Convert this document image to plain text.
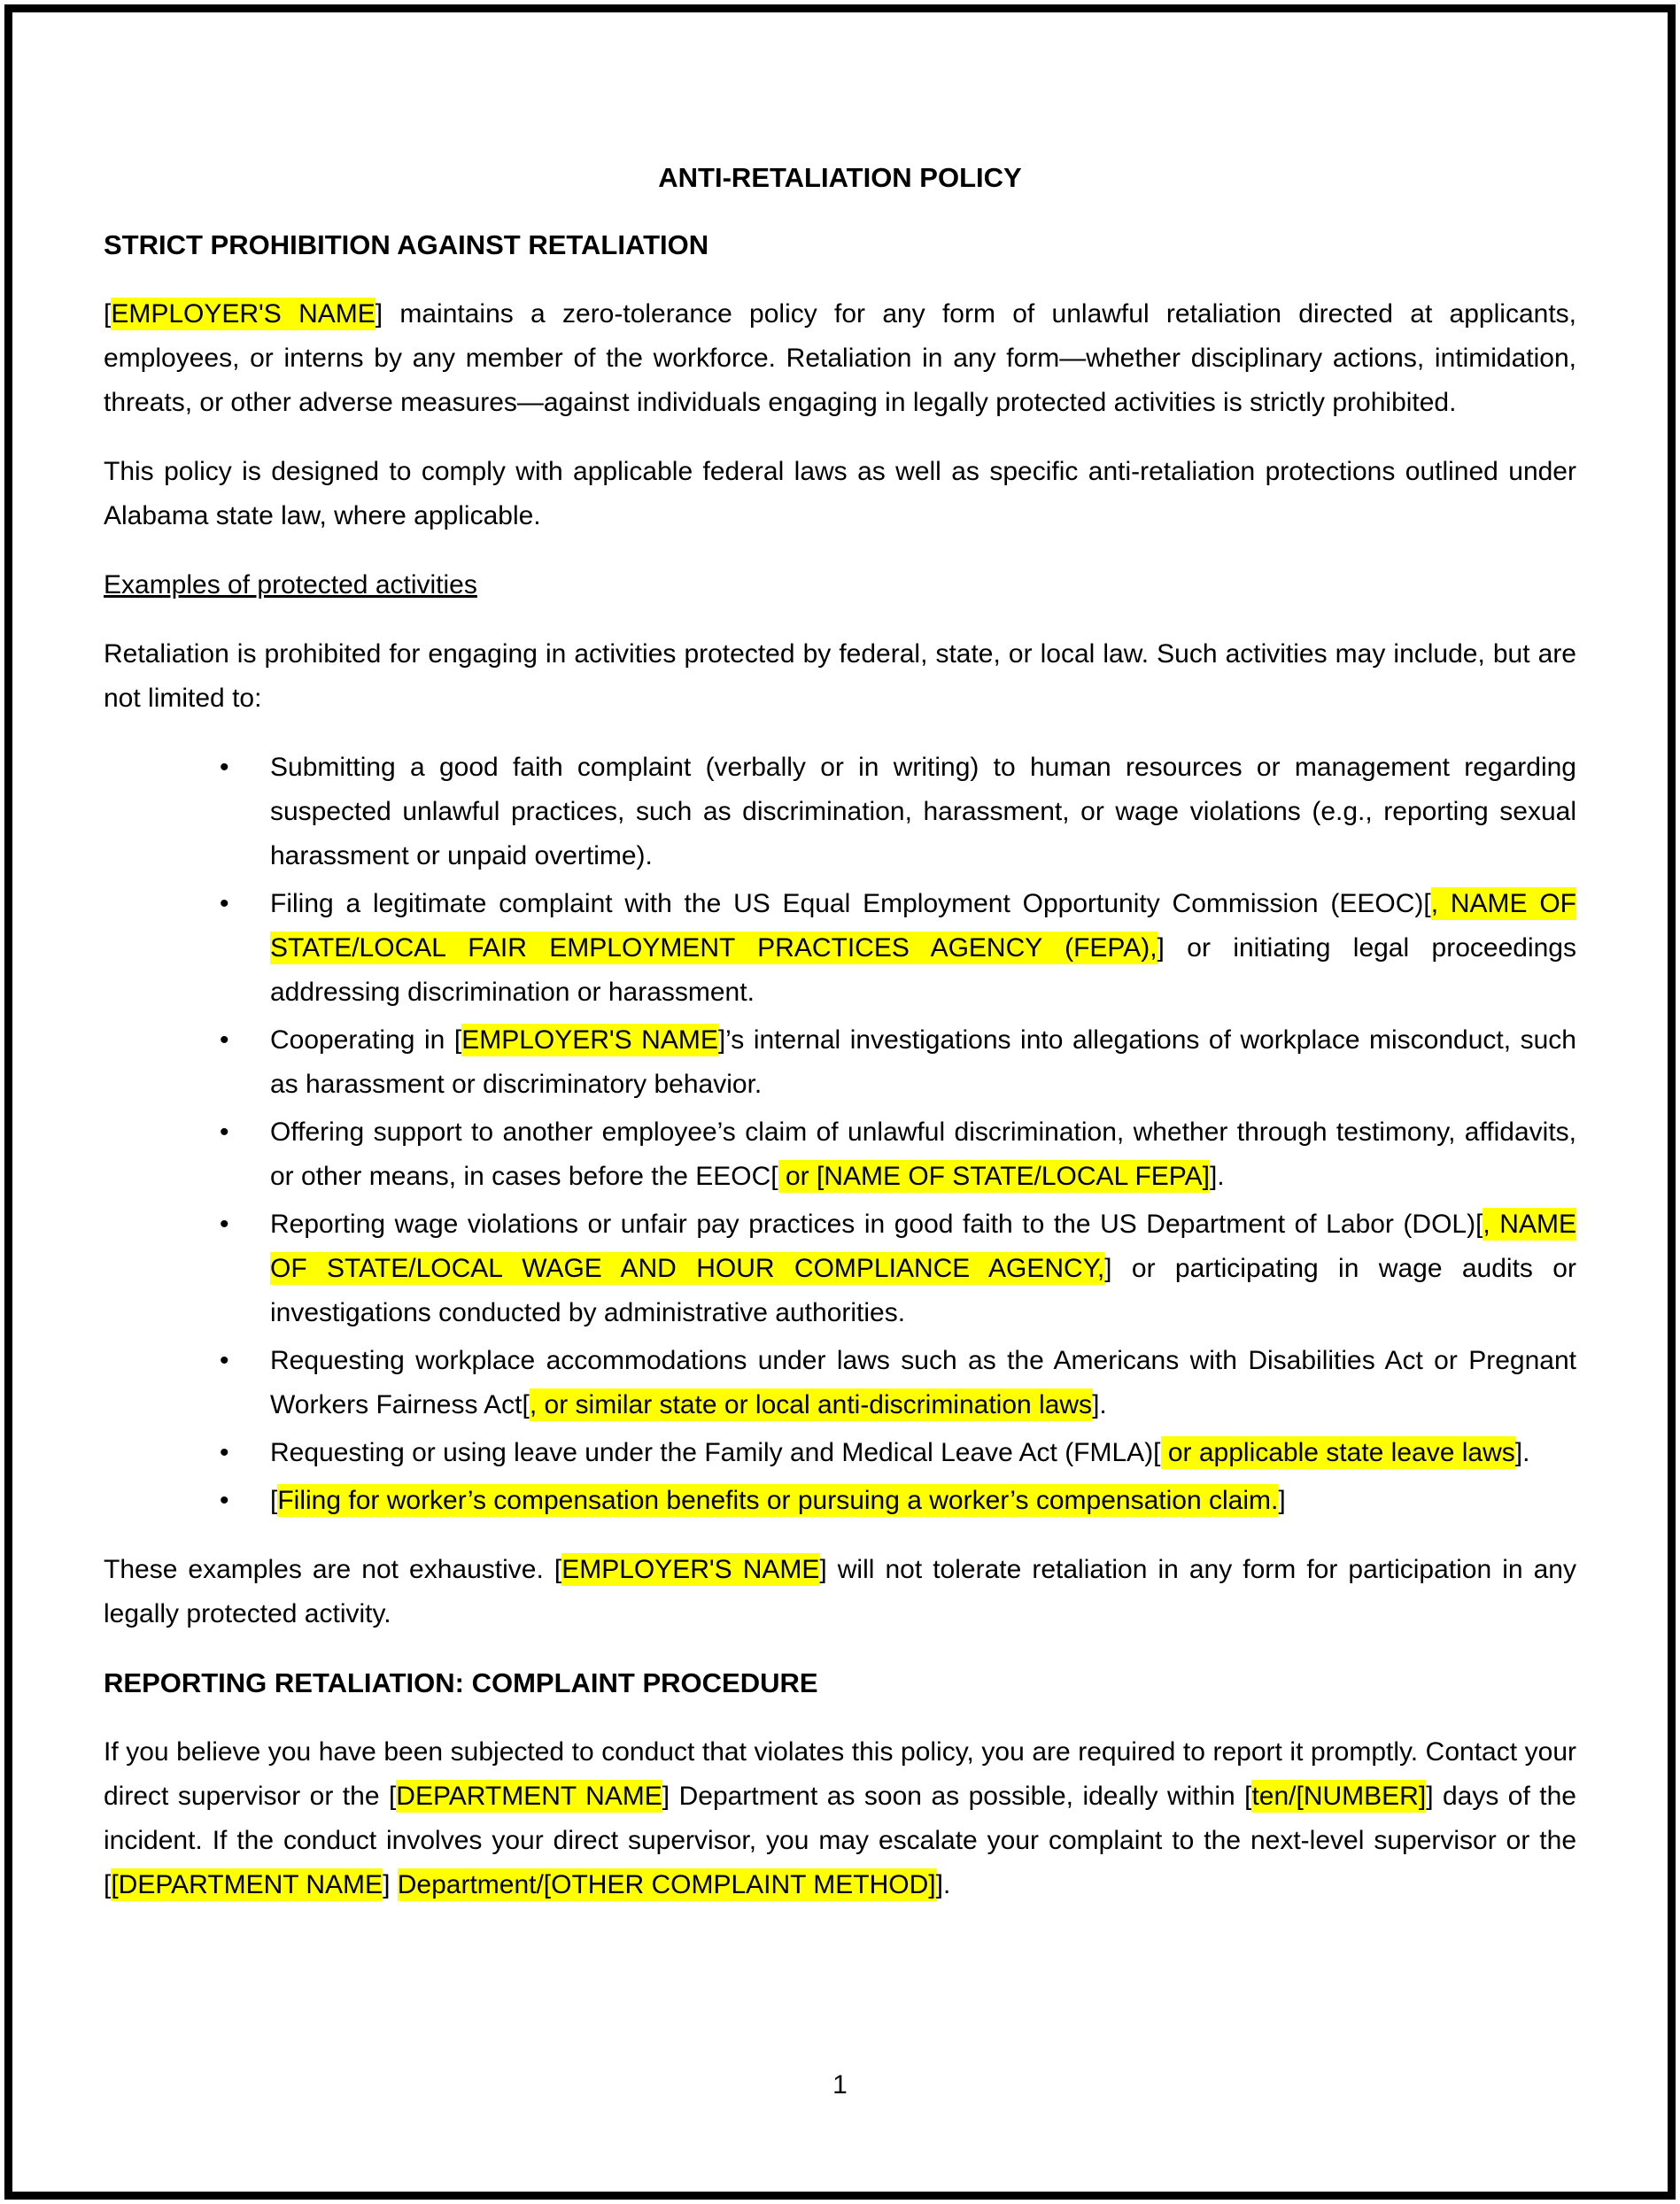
ANTI-RETALIATION POLICY

STRICT PROHIBITION AGAINST RETALIATION

[EMPLOYER'S NAME] maintains a zero-tolerance policy for any form of unlawful retaliation directed at applicants, employees, or interns by any member of the workforce. Retaliation in any form—whether disciplinary actions, intimidation, threats, or other adverse measures—against individuals engaging in legally protected activities is strictly prohibited.

This policy is designed to comply with applicable federal laws as well as specific anti-retaliation protections outlined under Alabama state law, where applicable.

Examples of protected activities

Retaliation is prohibited for engaging in activities protected by federal, state, or local law. Such activities may include, but are not limited to:

• Submitting a good faith complaint (verbally or in writing) to human resources or management regarding suspected unlawful practices, such as discrimination, harassment, or wage violations (e.g., reporting sexual harassment or unpaid overtime).
• Filing a legitimate complaint with the US Equal Employment Opportunity Commission (EEOC)[, NAME OF STATE/LOCAL FAIR EMPLOYMENT PRACTICES AGENCY (FEPA),] or initiating legal proceedings addressing discrimination or harassment.
• Cooperating in [EMPLOYER'S NAME]’s internal investigations into allegations of workplace misconduct, such as harassment or discriminatory behavior.
• Offering support to another employee’s claim of unlawful discrimination, whether through testimony, affidavits, or other means, in cases before the EEOC[ or [NAME OF STATE/LOCAL FEPA]].
• Reporting wage violations or unfair pay practices in good faith to the US Department of Labor (DOL)[, NAME OF STATE/LOCAL WAGE AND HOUR COMPLIANCE AGENCY,] or participating in wage audits or investigations conducted by administrative authorities.
• Requesting workplace accommodations under laws such as the Americans with Disabilities Act or Pregnant Workers Fairness Act[, or similar state or local anti-discrimination laws].
• Requesting or using leave under the Family and Medical Leave Act (FMLA)[ or applicable state leave laws].
• [Filing for worker’s compensation benefits or pursuing a worker’s compensation claim.]

These examples are not exhaustive. [EMPLOYER'S NAME] will not tolerate retaliation in any form for participation in any legally protected activity.

REPORTING RETALIATION: COMPLAINT PROCEDURE

If you believe you have been subjected to conduct that violates this policy, you are required to report it promptly. Contact your direct supervisor or the [DEPARTMENT NAME] Department as soon as possible, ideally within [ten/[NUMBER]] days of the incident. If the conduct involves your direct supervisor, you may escalate your complaint to the next-level supervisor or the [[DEPARTMENT NAME] Department/[OTHER COMPLAINT METHOD]].

1
